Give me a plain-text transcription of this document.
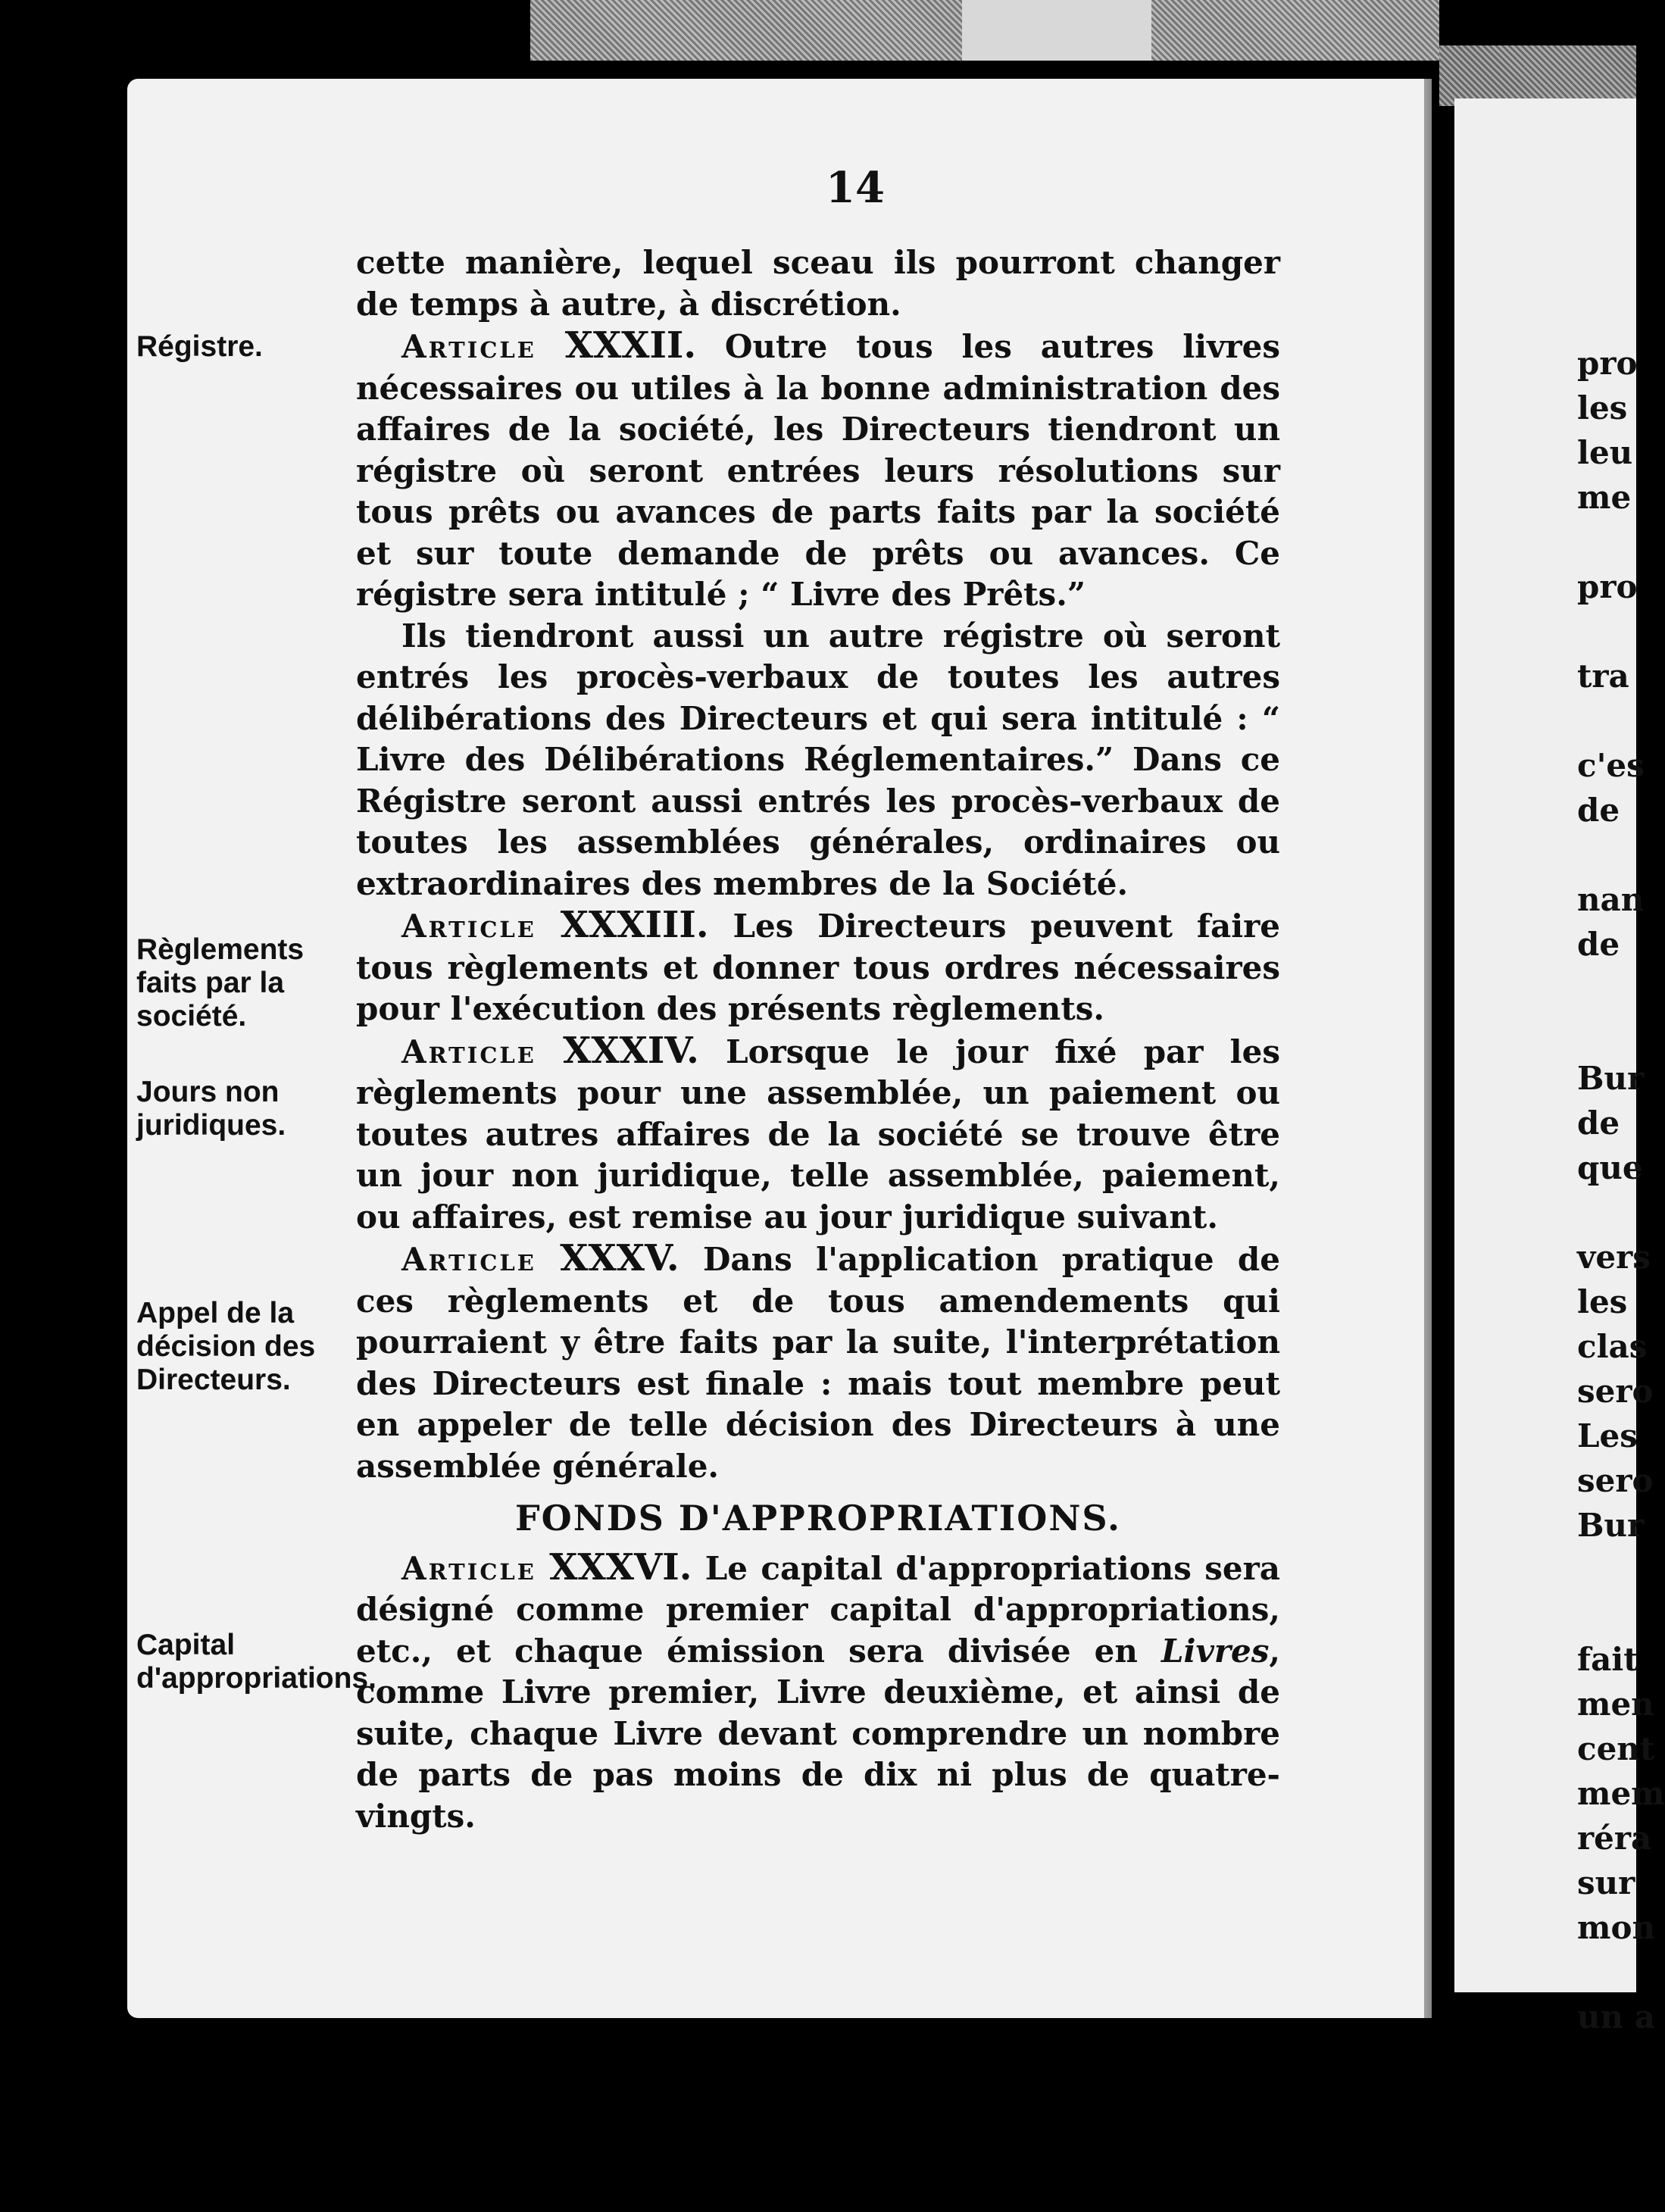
14
Régistre.
Règlements faits par la société.
Jours non juridiques.
Appel de la décision des Directeurs.
Capital d'appropriations.

cette manière, lequel sceau ils pourront changer de temps à autre, à discrétion.

Article XXXII. Outre tous les autres livres nécessaires ou utiles à la bonne administration des affaires de la société, les Directeurs tiendront un régistre où seront entrées leurs résolutions sur tous prêts ou avances de parts faits par la société et sur toute demande de prêts ou avances. Ce régistre sera intitulé ; “ Livre des Prêts.”

Ils tiendront aussi un autre régistre où seront entrés les procès-verbaux de toutes les autres délibérations des Directeurs et qui sera intitulé : “ Livre des Délibérations Réglementaires.” Dans ce Régistre seront aussi entrés les procès-verbaux de toutes les assemblées générales, ordinaires ou extraordinaires des membres de la Société.

Article XXXIII. Les Directeurs peuvent faire tous règlements et donner tous ordres nécessaires pour l'exécution des présents règlements.

Article XXXIV. Lorsque le jour fixé par les règlements pour une assemblée, un paiement ou toutes autres affaires de la société se trouve être un jour non juridique, telle assemblée, paiement, ou affaires, est remise au jour juridique suivant.

Article XXXV. Dans l'application pratique de ces règlements et de tous amendements qui pourraient y être faits par la suite, l'interprétation des Directeurs est finale : mais tout membre peut en appeler de telle décision des Directeurs à une assemblée générale.

FONDS D'APPROPRIATIONS.

Article XXXVI. Le capital d'appropriations sera désigné comme premier capital d'appropriations, etc., et chaque émission sera divisée en Livres, comme Livre premier, Livre deuxième, et ainsi de suite, chaque Livre devant comprendre un nombre de parts de pas moins de dix ni plus de quatre-vingts.

pro
les
leu
me
pro
tra
c'es
de
nan
de
Bur
de
que
vers
les
clas
sero
Les
sero
Bur
fait
men
cent
mem
réra
sur
mon
un a
